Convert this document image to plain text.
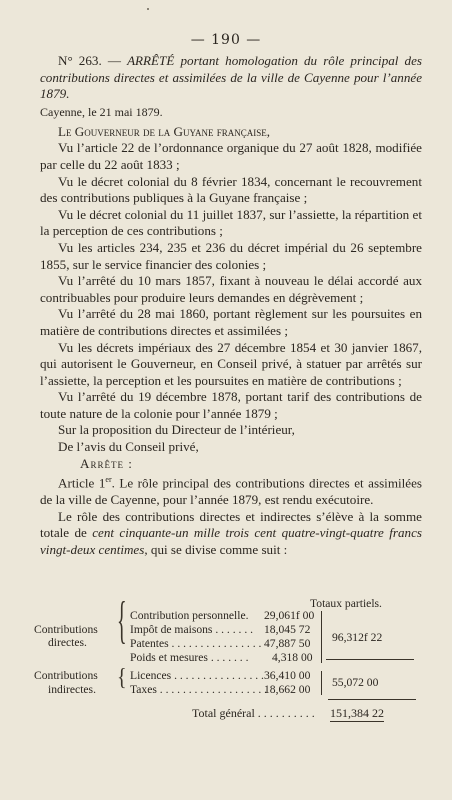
— 190 —

N° 263. — ARRÊTÉ portant homologation du rôle principal des contributions directes et assimilées de la ville de Cayenne pour l’année 1879.

Cayenne, le 21 mai 1879.

Le Gouverneur de la Guyane française,

Vu l’article 22 de l’ordonnance organique du 27 août 1828, modifiée par celle du 22 août 1833 ;

Vu le décret colonial du 8 février 1834, concernant le recouvrement des contributions publiques à la Guyane française ;

Vu le décret colonial du 11 juillet 1837, sur l’assiette, la répartition et la perception de ces contributions ;

Vu les articles 234, 235 et 236 du décret impérial du 26 septembre 1855, sur le service financier des colonies ;

Vu l’arrêté du 10 mars 1857, fixant à nouveau le délai accordé aux contribuables pour produire leurs demandes en dégrèvement ;

Vu l’arrêté du 28 mai 1860, portant règlement sur les poursuites en matière de contributions directes et assimilées ;

Vu les décrets impériaux des 27 décembre 1854 et 30 janvier 1867, qui autorisent le Gouverneur, en Conseil privé, à statuer par arrêtés sur l’assiette, la perception et les poursuites en matière de contributions ;

Vu l’arrêté du 19 décembre 1878, portant tarif des contributions de toute nature de la colonie pour l’année 1879 ;

Sur la proposition du Directeur de l’intérieur,

De l’avis du Conseil privé,

Arrête :

Article 1er. Le rôle principal des contributions directes et assimilées de la ville de Cayenne, pour l’année 1879, est rendu exécutoire.

Le rôle des contributions directes et indirectes s’élève à la somme totale de cent cinquante-un mille trois cent quatre-vingt-quatre francs vingt-deux centimes, qui se divise comme suit :

Totaux partiels.
Contributions
directes. {
Contributions
indirectes. {
Contribution personnelle.
Impôt de maisons . . . . . . .
Patentes . . . . . . . . . . . . . . . .
Poids et mesures . . . . . . .
Licences . . . . . . . . . . . . . . . .
Taxes . . . . . . . . . . . . . . . . . . .
29,061f 00
18,045 72
47,887 50
4,318 00
36,410 00
18,662 00
96,312f 22
55,072 00
Total général . . . . . . . . . . 151,384 22
